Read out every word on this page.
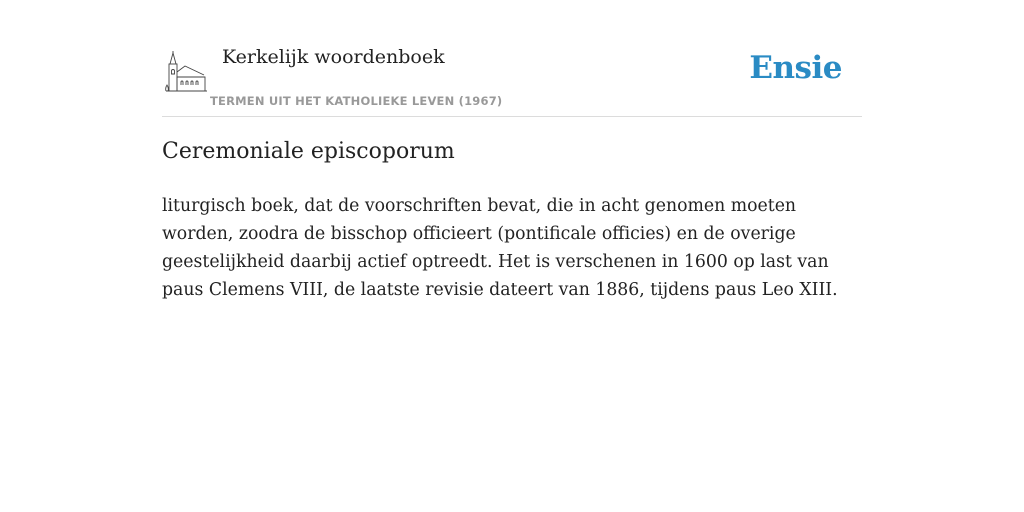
Kerkelijk woordenboek
TERMEN UIT HET KATHOLIEKE LEVEN (1967)
Ensie
Ceremoniale episcoporum

liturgisch boek, dat de voorschriften bevat, die in acht genomen moeten worden, zoodra de bisschop officieert (pontificale officies) en de overige geestelijkheid daarbij actief optreedt. Het is verschenen in 1600 op last van paus Clemens VIII, de laatste revisie dateert van 1886, tijdens paus Leo XIII.
